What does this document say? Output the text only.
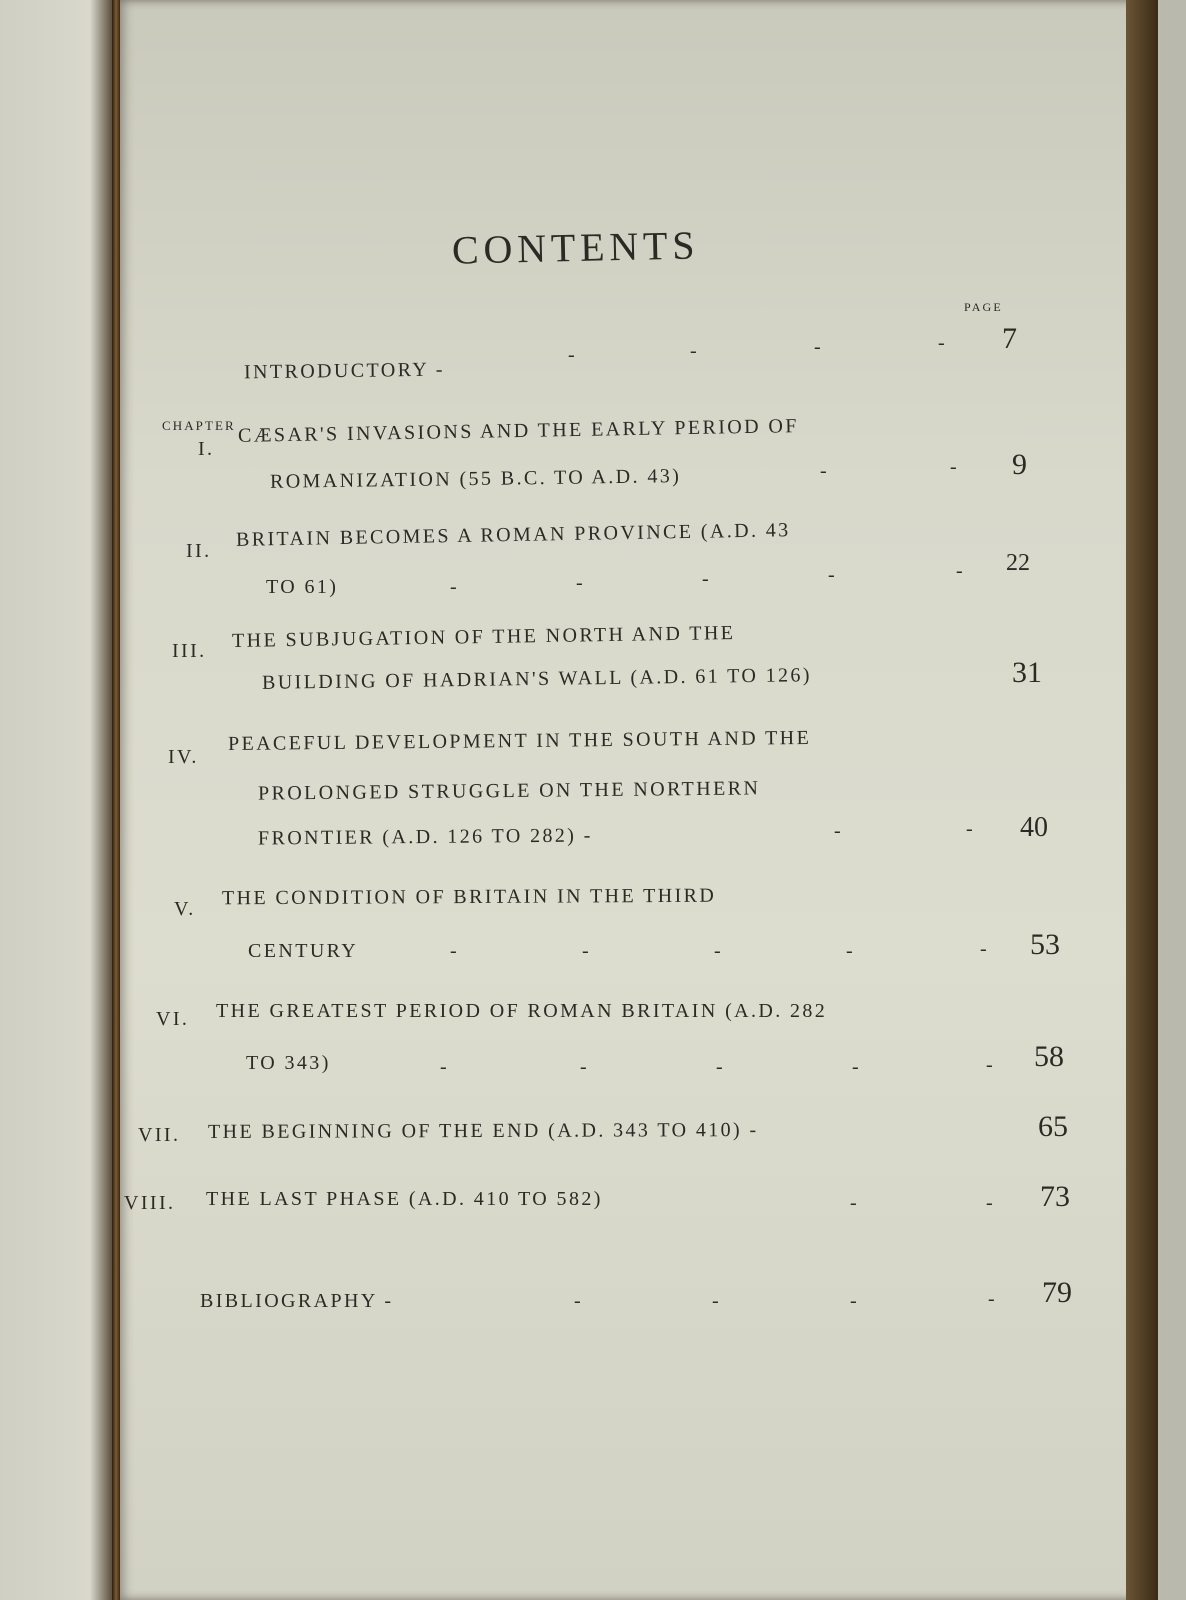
CONTENTS
PAGE
CHAPTER
INTRODUCTORY -
-	-	-	- 7
I.
CÆSAR'S INVASIONS AND THE EARLY PERIOD OF
ROMANIZATION (55 B.C. TO A.D. 43)	-	- 9
II.
BRITAIN BECOMES A ROMAN PROVINCE (A.D. 43
TO 61)	-	-	-	-	- 22
III. THE SUBJUGATION OF THE NORTH AND THE
BUILDING OF HADRIAN'S WALL (A.D. 61 TO 126)	31
IV.
PEACEFUL DEVELOPMENT IN THE SOUTH AND THE
PROLONGED STRUGGLE ON THE NORTHERN
FRONTIER (A.D. 126 TO 282) -	-	- 40
V. THE CONDITION OF BRITAIN IN THE THIRD
CENTURY	-	-	-	-	- 53
VI. THE GREATEST PERIOD OF ROMAN BRITAIN (A.D. 282
TO 343)	-	-	-	-	- 58
VII. THE BEGINNING OF THE END (A.D. 343 TO 410) -	65
VIII. THE LAST PHASE (A.D. 410 TO 582)	-	- 73
BIBLIOGRAPHY -	-	-	-	- 79
